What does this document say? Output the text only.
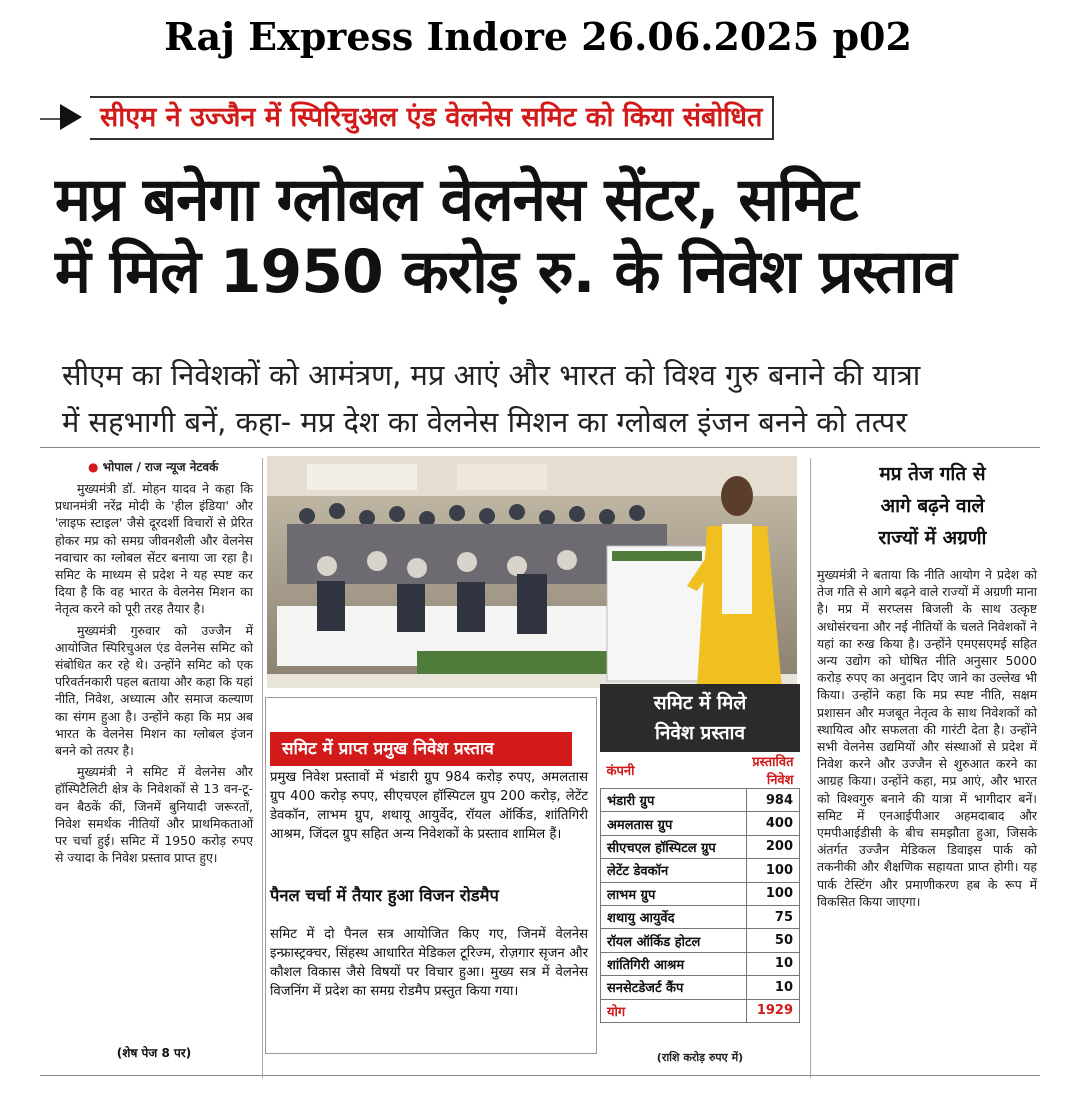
Raj Express Indore 26.06.2025 p02
सीएम ने उज्जैन में स्पिरिचुअल एंड वेलनेस समिट को किया संबोधित
मप्र बनेगा ग्लोबल वेलनेस सेंटर, समिट
में मिले 1950 करोड़ रु. के निवेश प्रस्ताव
सीएम का निवेशकों को आमंत्रण, मप्र आएं और भारत को विश्व गुरु बनाने की यात्रा
में सहभागी बनें, कहा- मप्र देश का वेलनेस मिशन का ग्लोबल इंजन बनने को तत्पर
● भोपाल / राज न्यूज नेटवर्क

मुख्यमंत्री डॉ. मोहन यादव ने कहा कि प्रधानमंत्री नरेंद्र मोदी के 'हील इंडिया' और 'लाइफ स्टाइल' जैसे दूरदर्शी विचारों से प्रेरित होकर मप्र को समग्र जीवनशैली और वेलनेस नवाचार का ग्लोबल सेंटर बनाया जा रहा है। समिट के माध्यम से प्रदेश ने यह स्पष्ट कर दिया है कि वह भारत के वेलनेस मिशन का नेतृत्व करने को पूरी तरह तैयार है।

मुख्यमंत्री गुरुवार को उज्जैन में आयोजित स्पिरिचुअल एंड वेलनेस समिट को संबोधित कर रहे थे। उन्होंने समिट को एक परिवर्तनकारी पहल बताया और कहा कि यहां नीति, निवेश, अध्यात्म और समाज कल्याण का संगम हुआ है। उन्होंने कहा कि मप्र अब भारत के वेलनेस मिशन का ग्लोबल इंजन बनने को तत्पर है।

मुख्यमंत्री ने समिट में वेलनेस और हॉस्पिटैलिटी क्षेत्र के निवेशकों से 13 वन-टू-वन बैठकें कीं, जिनमें बुनियादी जरूरतों, निवेश समर्थक नीतियों और प्राथमिकताओं पर चर्चा हुई। समिट में 1950 करोड़ रुपए से ज्यादा के निवेश प्रस्ताव प्राप्त हुए।

(शेष पेज 8 पर)
समिट में प्राप्त प्रमुख निवेश प्रस्ताव

प्रमुख निवेश प्रस्तावों में भंडारी ग्रुप 984 करोड़ रुपए, अमलतास ग्रुप 400 करोड़ रुपए, सीएचएल हॉस्पिटल ग्रुप 200 करोड़, लेटेंट डेवकॉन, लाभम ग्रुप, शथायू आयुर्वेद, रॉयल ऑर्किड, शांतिगिरी आश्रम, जिंदल ग्रुप सहित अन्य निवेशकों के प्रस्ताव शामिल हैं।

पैनल चर्चा में तैयार हुआ विजन रोडमैप

समिट में दो पैनल सत्र आयोजित किए गए, जिनमें वेलनेस इन्फ्रास्ट्रक्चर, सिंहस्थ आधारित मेडिकल टूरिज्म, रोज़गार सृजन और कौशल विकास जैसे विषयों पर विचार हुआ। मुख्य सत्र में वेलनेस विजनिंग में प्रदेश का समग्र रोडमैप प्रस्तुत किया गया।

समिट में मिले
निवेश प्रस्ताव
कंपनी	प्रस्तावित निवेश
भंडारी ग्रुप	984
अमलतास ग्रुप	400
सीएचएल हॉस्पिटल ग्रुप	200
लेटेंट डेवकॉन	100
लाभम ग्रुप	100
शथायु आयुर्वेद	75
रॉयल ऑर्किड होटल	50
शांतिगिरी आश्रम	10
सनसेटडेजर्ट कैंप	10
योग	1929
(राशि करोड़ रुपए में)
मप्र तेज गति से
आगे बढ़ने वाले
राज्यों में अग्रणी

मुख्यमंत्री ने बताया कि नीति आयोग ने प्रदेश को तेज गति से आगे बढ़ने वाले राज्यों में अग्रणी माना है। मप्र में सरप्लस बिजली के साथ उत्कृष्ट अधोसंरचना और नई नीतियों के चलते निवेशकों ने यहां का रुख किया है। उन्होंने एमएसएमई सहित अन्य उद्योग को घोषित नीति अनुसार 5000 करोड़ रुपए का अनुदान दिए जाने का उल्लेख भी किया। उन्होंने कहा कि मप्र स्पष्ट नीति, सक्षम प्रशासन और मजबूत नेतृत्व के साथ निवेशकों को स्थायित्व और सफलता की गारंटी देता है। उन्होंने सभी वेलनेस उद्यमियों और संस्थाओं से प्रदेश में निवेश करने और उज्जैन से शुरुआत करने का आग्रह किया। उन्होंने कहा, मप्र आएं, और भारत को विश्वगुरु बनाने की यात्रा में भागीदार बनें। समिट में एनआईपीआर अहमदाबाद और एमपीआईडीसी के बीच समझौता हुआ, जिसके अंतर्गत उज्जैन मेडिकल डिवाइस पार्क को तकनीकी और शैक्षणिक सहायता प्राप्त होगी। यह पार्क टेस्टिंग और प्रमाणीकरण हब के रूप में विकसित किया जाएगा।
